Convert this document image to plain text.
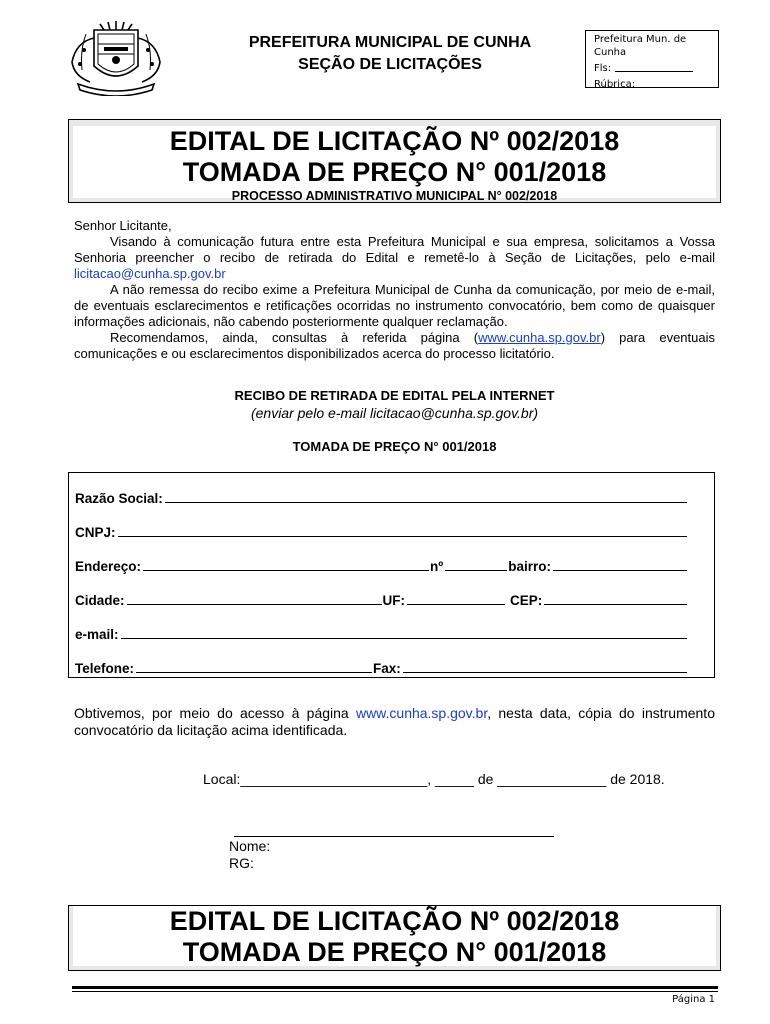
PREFEITURA MUNICIPAL DE CUNHA
SEÇÃO DE LICITAÇÕES
Prefeitura Mun. de
Cunha
Fls:
Rúbrica:
EDITAL DE LICITAÇÃO Nº 002/2018
TOMADA DE PREÇO N° 001/2018
PROCESSO ADMINISTRATIVO MUNICIPAL N° 002/2018
Senhor Licitante,
Visando à comunicação futura entre esta Prefeitura Municipal e sua empresa, solicitamos a Vossa Senhoria preencher o recibo de retirada do Edital e remetê-lo à Seção de Licitações, pelo e-mail licitacao@cunha.sp.gov.br
A não remessa do recibo exime a Prefeitura Municipal de Cunha da comunicação, por meio de e-mail, de eventuais esclarecimentos e retificações ocorridas no instrumento convocatório, bem como de quaisquer informações adicionais, não cabendo posteriormente qualquer reclamação.
Recomendamos, ainda, consultas à referida página (www.cunha.sp.gov.br) para eventuais comunicações e ou esclarecimentos disponibilizados acerca do processo licitatório.
RECIBO DE RETIRADA DE EDITAL PELA INTERNET
(enviar pelo e-mail licitacao@cunha.sp.gov.br)
TOMADA DE PREÇO N° 001/2018
Razão Social:
CNPJ:
Endereço:	nº	bairro:
Cidade:	UF:	CEP:
e-mail:
Telefone:	Fax:
Obtivemos, por meio do acesso à página www.cunha.sp.gov.br, nesta data, cópia do instrumento convocatório da licitação acima identificada.
Local:________________________, _____ de ______________ de 2018.
Nome:
RG:
EDITAL DE LICITAÇÃO Nº 002/2018
TOMADA DE PREÇO N° 001/2018
Página 1
